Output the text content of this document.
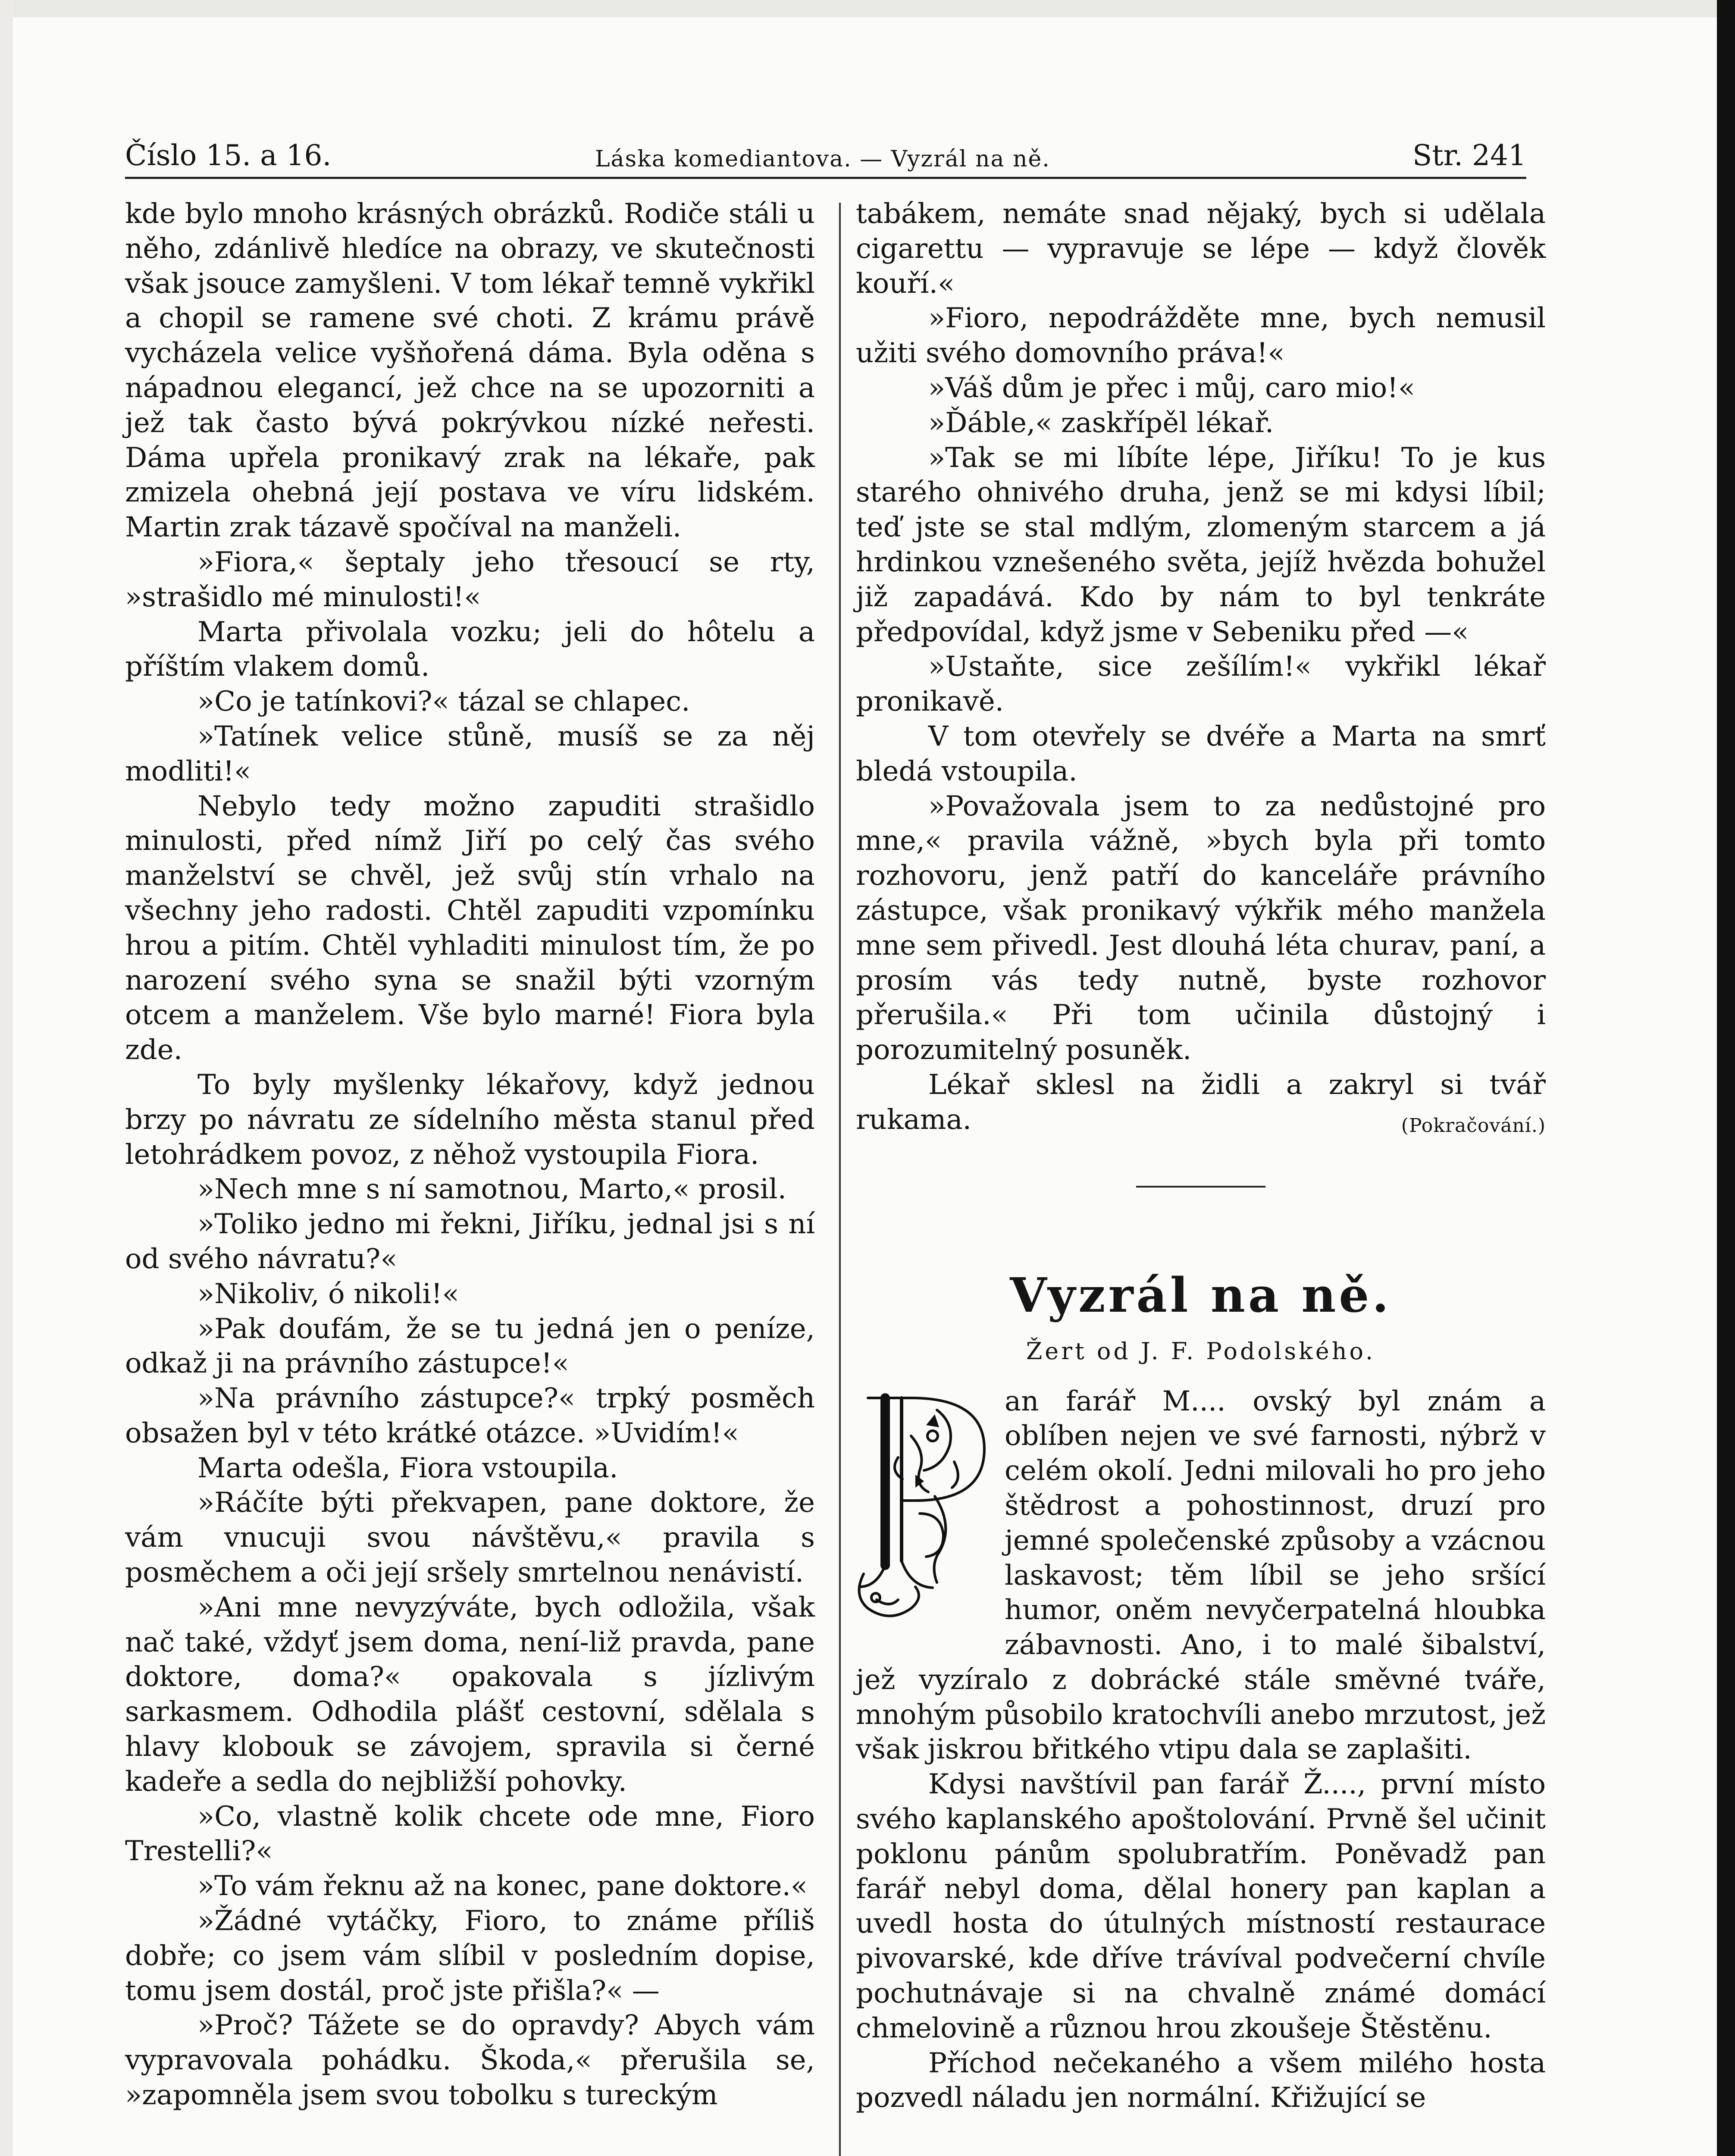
Číslo 15. a 16.	Láska komediantova. — Vyzrál na ně.	Str. 241

kde bylo mnoho krásných obrázků. Rodiče stáli u něho, zdánlivě hledíce na obrazy, ve skutečnosti však jsouce zamyšleni. V tom lékař temně vykřikl a chopil se ramene své choti. Z krámu právě vycházela velice vyšňořená dáma. Byla oděna s nápadnou elegancí, jež chce na se upozorniti a jež tak často bývá pokrývkou nízké neřesti. Dáma upřela pronikavý zrak na lékaře, pak zmizela ohebná její postava ve víru lidském. Martin zrak tázavě spočíval na manželi.

»Fiora,« šeptaly jeho třesoucí se rty, »strašidlo mé minulosti!«

Marta přivolala vozku; jeli do hôtelu a příštím vlakem domů.

»Co je tatínkovi?« tázal se chlapec.

»Tatínek velice stůně, musíš se za něj modliti!«

Nebylo tedy možno zapuditi strašidlo minulosti, před nímž Jiří po celý čas svého manželství se chvěl, jež svůj stín vrhalo na všechny jeho radosti. Chtěl zapuditi vzpomínku hrou a pitím. Chtěl vyhladiti minulost tím, že po narození svého syna se snažil býti vzorným otcem a manželem. Vše bylo marné! Fiora byla zde.

To byly myšlenky lékařovy, když jednou brzy po návratu ze sídelního města stanul před letohrádkem povoz, z něhož vystoupila Fiora.

»Nech mne s ní samotnou, Marto,« prosil.

»Toliko jedno mi řekni, Jiříku, jednal jsi s ní od svého návratu?«

»Nikoliv, ó nikoli!«

»Pak doufám, že se tu jedná jen o peníze, odkaž ji na právního zástupce!«

»Na právního zástupce?« trpký posměch obsažen byl v této krátké otázce. »Uvidím!«

Marta odešla, Fiora vstoupila.

»Ráčíte býti překvapen, pane doktore, že vám vnucuji svou návštěvu,« pravila s posměchem a oči její sršely smrtelnou nenávistí.

»Ani mne nevyzýváte, bych odložila, však nač také, vždyť jsem doma, není-liž pravda, pane doktore, doma?« opakovala s jízlivým sarkasmem. Odhodila plášť cestovní, sdělala s hlavy klobouk se závojem, spravila si černé kadeře a sedla do nejbližší pohovky.

»Co, vlastně kolik chcete ode mne, Fioro Trestelli?«

»To vám řeknu až na konec, pane doktore.«

»Žádné vytáčky, Fioro, to známe příliš dobře; co jsem vám slíbil v posledním dopise, tomu jsem dostál, proč jste přišla?« —

»Proč? Tážete se do opravdy? Abych vám vypravovala pohádku. Škoda,« přerušila se, »zapomněla jsem svou tobolku s tureckým

tabákem, nemáte snad nějaký, bych si udělala cigarettu — vypravuje se lépe — když člověk kouří.«

»Fioro, nepodrážděte mne, bych nemusil užiti svého domovního práva!«

»Váš dům je přec i můj, caro mio!«

»Ďáble,« zaskřípěl lékař.

»Tak se mi líbíte lépe, Jiříku! To je kus starého ohnivého druha, jenž se mi kdysi líbil; teď jste se stal mdlým, zlomeným starcem a já hrdinkou vznešeného světa, jejíž hvězda bohužel již zapadává. Kdo by nám to byl tenkráte předpovídal, když jsme v Sebeniku před —«

»Ustaňte, sice zešílím!« vykřikl lékař pronikavě.

V tom otevřely se dvéře a Marta na smrť bledá vstoupila.

»Považovala jsem to za nedůstojné pro mne,« pravila vážně, »bych byla při tomto rozhovoru, jenž patří do kanceláře právního zástupce, však pronikavý výkřik mého manžela mne sem přivedl. Jest dlouhá léta churav, paní, a prosím vás tedy nutně, byste rozhovor přerušila.« Při tom učinila důstojný i porozumitelný posuněk.

Lékař sklesl na židli a zakryl si tvář rukama.	(Pokračování.)

Vyzrál na ně.
Žert od J. F. Podolského.

an farář M.... ovský byl znám a oblíben nejen ve své farnosti, nýbrž v celém okolí. Jedni milovali ho pro jeho štědrost a pohostinnost, druzí pro jemné společenské způsoby a vzácnou laskavost; těm líbil se jeho sršící humor, oněm nevyčerpatelná hloubka zábavnosti. Ano, i to malé šibalství, jež vyzíralo z dobrácké stále směvné tváře, mnohým působilo kratochvíli anebo mrzutost, jež však jiskrou břitkého vtipu dala se zaplašiti.

Kdysi navštívil pan farář Ž...., první místo svého kaplanského apoštolování. Prvně šel učinit poklonu pánům spolubratřím. Poněvadž pan farář nebyl doma, dělal honery pan kaplan a uvedl hosta do útulných místností restaurace pivovarské, kde dříve trávíval podvečerní chvíle pochutnávaje si na chvalně známé domácí chmelovině a různou hrou zkoušeje Štěstěnu.

Příchod nečekaného a všem milého hosta pozvedl náladu jen normální. Křižující se
